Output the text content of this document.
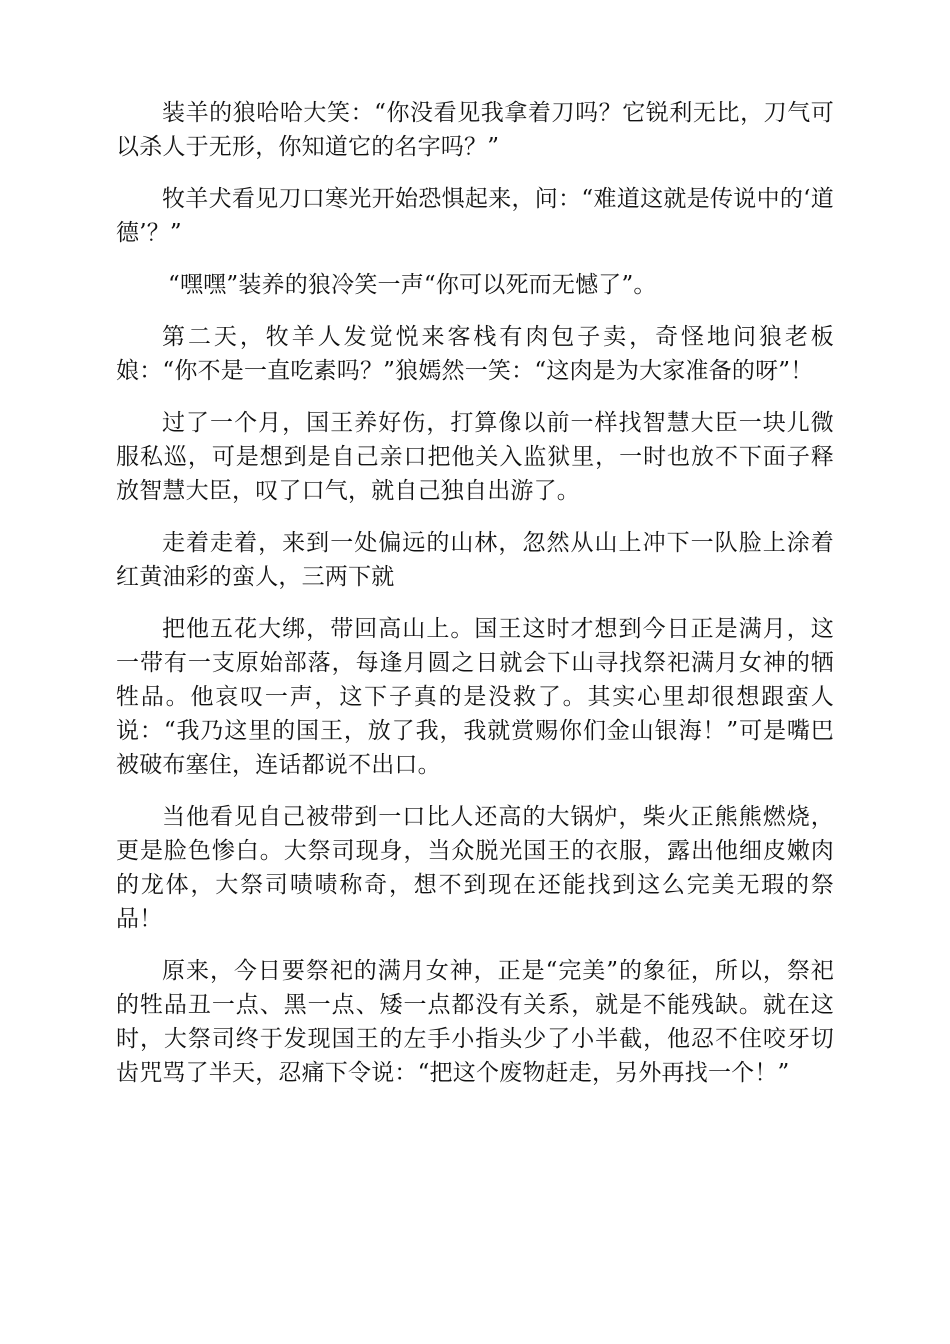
装羊的狼哈哈大笑：“你没看见我拿着刀吗？它锐利无比，刀气可以杀人于无形，你知道它的名字吗？”

牧羊犬看见刀口寒光开始恐惧起来，问：“难道这就是传说中的‘道德’？”

“嘿嘿”装养的狼冷笑一声“你可以死而无憾了”。

第二天，牧羊人发觉悦来客栈有肉包子卖，奇怪地问狼老板娘：“你不是一直吃素吗？”狼嫣然一笑：“这肉是为大家准备的呀”！

过了一个月，国王养好伤，打算像以前一样找智慧大臣一块儿微服私巡，可是想到是自己亲口把他关入监狱里，一时也放不下面子释放智慧大臣，叹了口气，就自己独自出游了。

走着走着，来到一处偏远的山林，忽然从山上冲下一队脸上涂着红黄油彩的蛮人，三两下就

把他五花大绑，带回高山上。国王这时才想到今日正是满月，这一带有一支原始部落，每逢月圆之日就会下山寻找祭祀满月女神的牺牲品。他哀叹一声，这下子真的是没救了。其实心里却很想跟蛮人说：“我乃这里的国王，放了我，我就赏赐你们金山银海！”可是嘴巴被破布塞住，连话都说不出口。

当他看见自己被带到一口比人还高的大锅炉，柴火正熊熊燃烧，更是脸色惨白。大祭司现身，当众脱光国王的衣服，露出他细皮嫩肉的龙体，大祭司啧啧称奇，想不到现在还能找到这么完美无瑕的祭品！

原来，今日要祭祀的满月女神，正是“完美”的象征，所以，祭祀的牲品丑一点、黑一点、矮一点都没有关系，就是不能残缺。就在这时，大祭司终于发现国王的左手小指头少了小半截，他忍不住咬牙切齿咒骂了半天，忍痛下令说：“把这个废物赶走，另外再找一个！”
